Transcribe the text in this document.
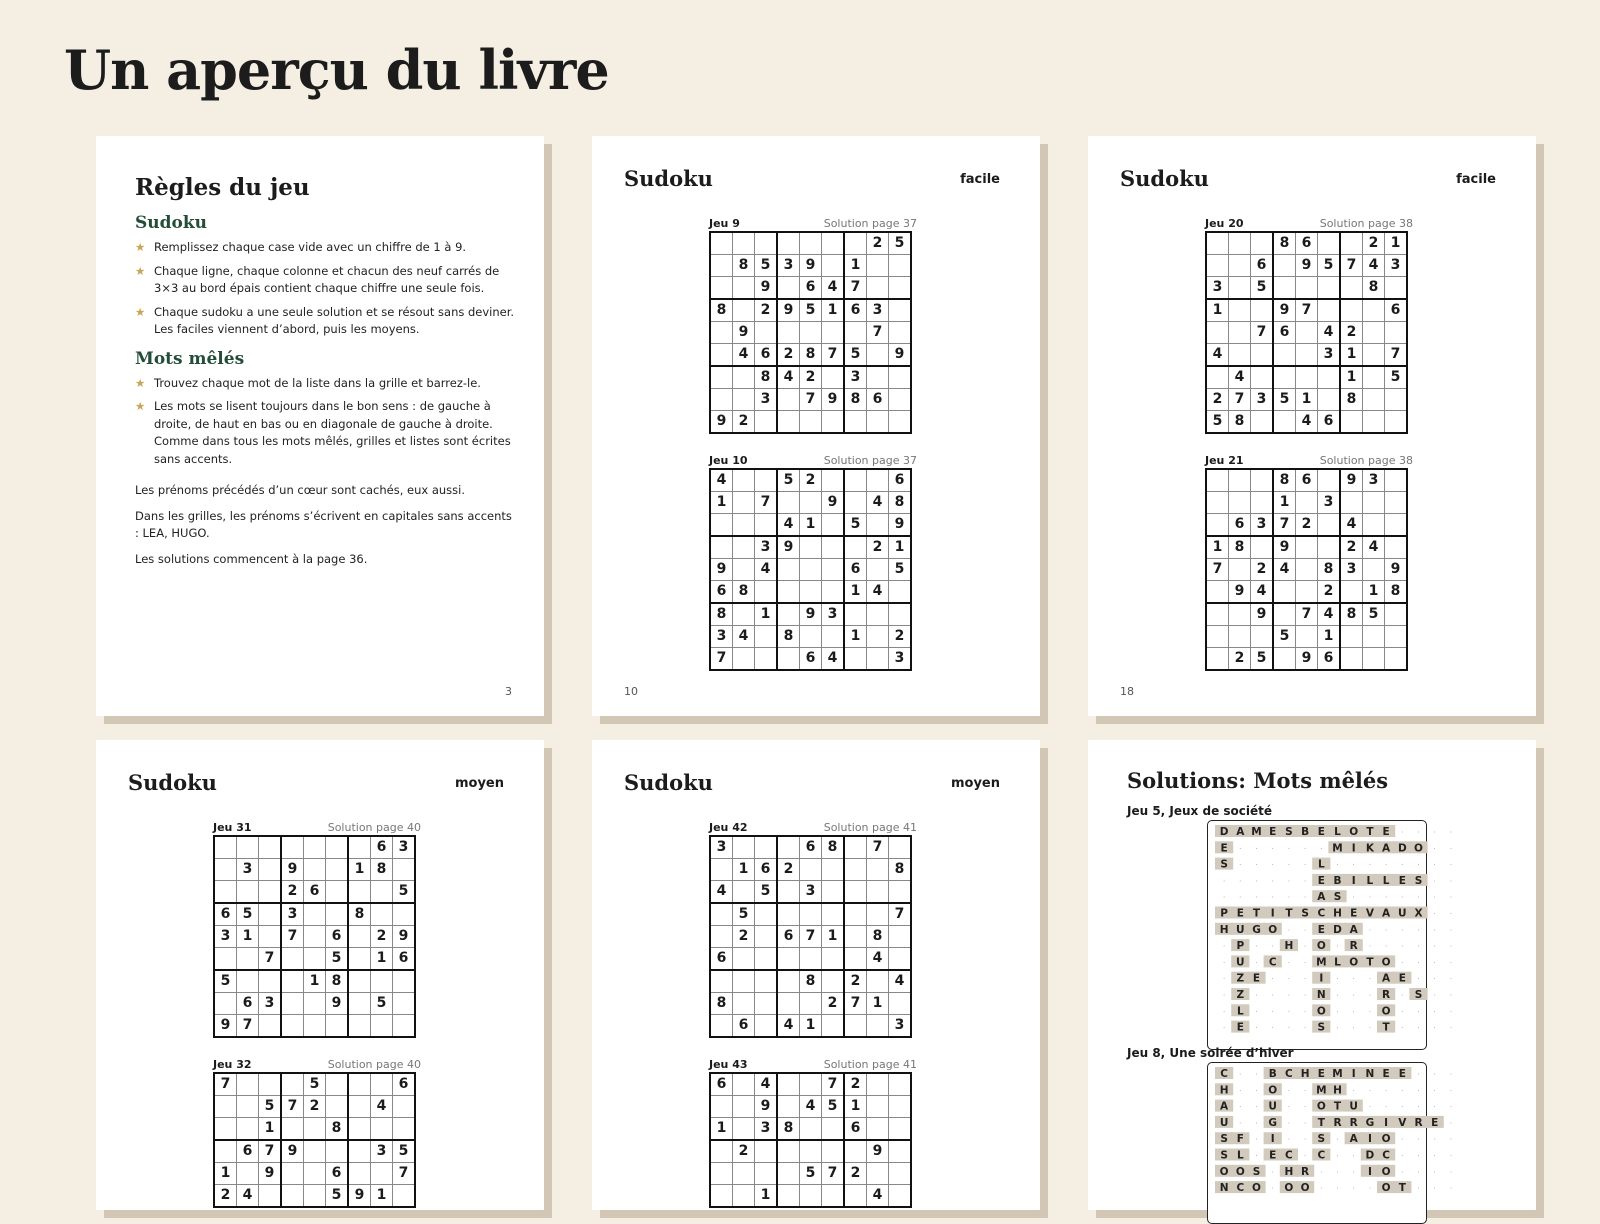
Un aperçu du livre
Règles du jeu
Sudoku
★ Remplissez chaque case vide avec un chiffre de 1 à 9.
★ Chaque ligne, chaque colonne et chacun des neuf carrés de 3×3 au bord épais contient chaque chiffre une seule fois.
★ Chaque sudoku a une seule solution et se résout sans deviner. Les faciles viennent d’abord, puis les moyens.
Mots mêlés
★ Trouvez chaque mot de la liste dans la grille et barrez-le.
★ Les mots se lisent toujours dans le bon sens : de gauche à droite, de haut en bas ou en diagonale de gauche à droite. Comme dans tous les mots mêlés, grilles et listes sont écrites sans accents.

Les prénoms précédés d’un cœur sont cachés, eux aussi.

Dans les grilles, les prénoms s’écrivent en capitales sans accents : LEA, HUGO.

Les solutions commencent à la page 36.

3
Sudoku	facile
Jeu 9	Solution page 37
							2	5
	8	5	3	9		1		
		9		6	4	7		
8		2	9	5	1	6	3	
	9						7	
	4	6	2	8	7	5		9
		8	4	2		3		
		3		7	9	8	6	
9	2							
Jeu 10	Solution page 37
4			5	2				6
1		7			9		4	8
			4	1		5		9
		3	9				2	1
9		4				6		5
6	8					1	4	
8		1		9	3			
3	4		8			1		2
7				6	4			3
10
Sudoku	facile
Jeu 20	Solution page 38
			8	6			2	1
		6		9	5	7	4	3
3		5					8	
1			9	7				6
		7	6		4	2		
4					3	1		7
	4					1		5
2	7	3	5	1		8		
5	8			4	6			
Jeu 21	Solution page 38
			8	6		9	3	
			1		3			
	6	3	7	2		4		
1	8		9			2	4	
7		2	4		8	3		9
	9	4			2		1	8
		9		7	4	8	5	
			5		1			
	2	5		9	6			
18
Sudoku	moyen
Jeu 31	Solution page 40
							6	3
	3		9			1	8	
			2	6				5
6	5		3			8		
3	1		7		6		2	9
		7			5		1	6
5				1	8			
	6	3			9		5	
9	7							
Jeu 32	Solution page 40
7				5				6
		5	7	2			4	
		1			8			
	6	7	9				3	5
1		9			6			7
2	4				5	9	1	
Sudoku	moyen
Jeu 42	Solution page 41
3				6	8		7	
	1	6	2					8
4		5		3				
	5							7
	2		6	7	1		8	
6							4	
				8		2		4
8					2	7	1	
	6		4	1				3
Jeu 43	Solution page 41
6		4			7	2		
		9		4	5	1		
1		3	8			6		
	2						9	
				5	7	2		
		1					4	
Solutions: Mots mêlés
Jeu 5, Jeux de société
D A M E S B E L O T E · · · ·
E · · · · · · M I K A D O · ·
S · · · · · L · · · · · · · ·
· · · · · · E B I L L E S · ·
· · · · · · A S · · · · · · ·
P E T I T S C H E V A U X · ·
H U G O · · E D A · · · · · ·
· P · · H · O · R · · · · · ·
· U · C · · M L O T O · · · ·
· Z E · · · I · · · A E · · ·
· Z · · · · N · · · R · S · ·
· L · · · · O · · · O · · · ·
· E · · · · S · · · T · · · ·
Jeu 8, Une soirée d’hiver
C · · B C H E M I N E E · · ·
H · · O · · M H · · · · · · ·
A · · U · · O T U · · · · · ·
U · · G · · T R R G I V R E ·
S F · I · · S · A I O · · · ·
S L · E C · C · · D C · · · ·
O O S · H R · · · I O · · · ·
N C O · O O · · · · O T · · ·
